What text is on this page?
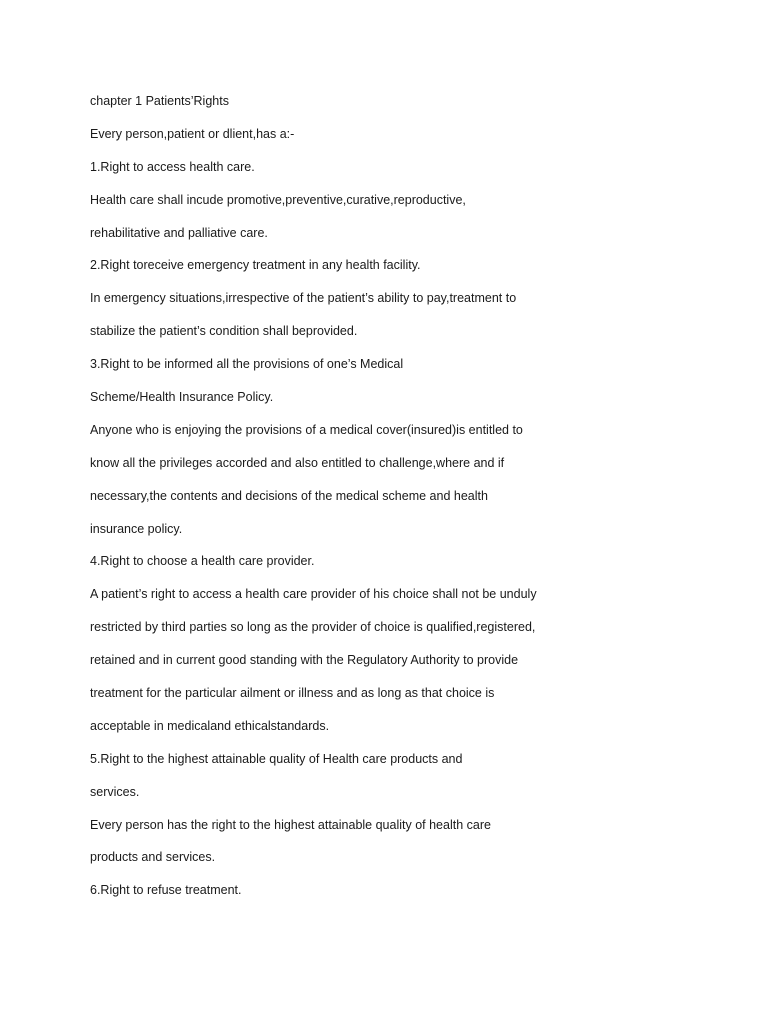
chapter 1 Patients’Rights

Every person,patient or dlient,has a:-

1.Right to access health care.

Health care shall incude promotive,preventive,curative,reproductive,

rehabilitative and palliative care.

2.Right toreceive emergency treatment in any health facility.

In emergency situations,irrespective of the patient’s ability to pay,treatment to

stabilize the patient’s condition shall beprovided.

3.Right to be informed all the provisions of one’s Medical

Scheme/Health Insurance Policy.

Anyone who is enjoying the provisions of a medical cover(insured)is entitled to

know all the privileges accorded and also entitled to challenge,where and if

necessary,the contents and decisions of the medical scheme and health

insurance policy.

4.Right to choose a health care provider.

A patient’s right to access a health care provider of his choice shall not be unduly

restricted by third parties so long as the provider of choice is qualified,registered,

retained and in current good standing with the Regulatory Authority to provide

treatment for the particular ailment or illness and as long as that choice is

acceptable in medicaland ethicalstandards.

5.Right to the highest attainable quality of Health care products and

services.

Every person has the right to the highest attainable quality of health care

products and services.

6.Right to refuse treatment.
